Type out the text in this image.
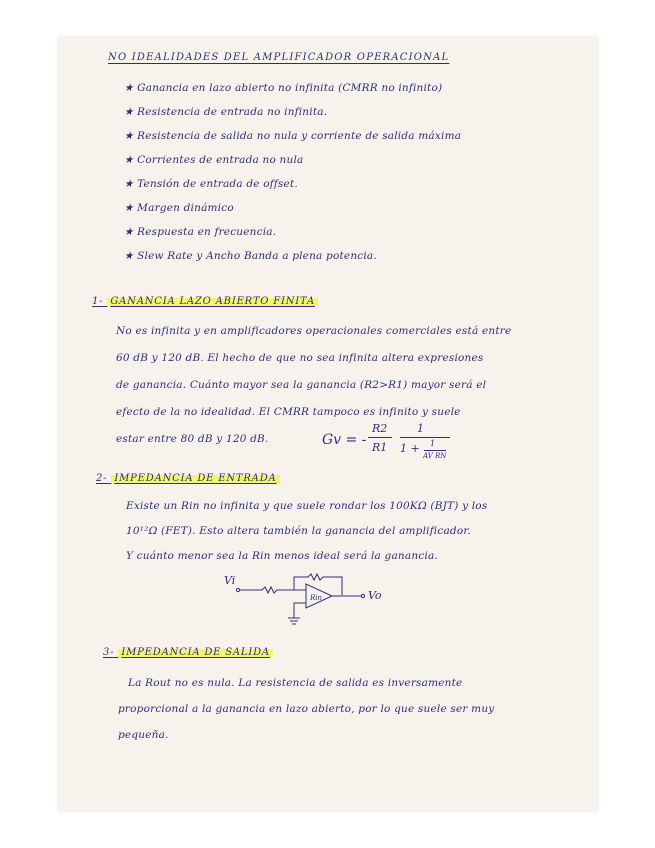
NO IDEALIDADES DEL AMPLIFICADOR OPERACIONAL
★ Ganancia en lazo abierto no infinita (CMRR no infinito)
★ Resistencia de entrada no infinita.
★ Resistencia de salida no nula y corriente de salida máxima
★ Corrientes de entrada no nula
★ Tensión de entrada de offset.
★ Margen dinámico
★ Respuesta en frecuencia.
★ Slew Rate y Ancho Banda a plena potencia.
1- GANANCIA LAZO ABIERTO FINITA
No es infinita y en amplificadores operacionales comerciales está entre
60 dB y 120 dB. El hecho de que no sea infinita altera expresiones
de ganancia. Cuánto mayor sea la ganancia (R2>R1) mayor será el
efecto de la no idealidad. El CMRR tampoco es infinito y suele
estar entre 80 dB y 120 dB.	Gv = -
R2
R1
1
1 + 1
AV RN
2- IMPEDANCIA DE ENTRADA
Existe un Rin no infinita y que suele rondar los 100KΩ (BJT) y los
10¹²Ω (FET). Esto altera también la ganancia del amplificador.
Y cuánto menor sea la Rin menos ideal será la ganancia.
Vi
Rin	Vo
3- IMPEDANCIA DE SALIDA
La Rout no es nula. La resistencia de salida es inversamente
proporcional a la ganancia en lazo abierto, por lo que suele ser muy
pequeña.
